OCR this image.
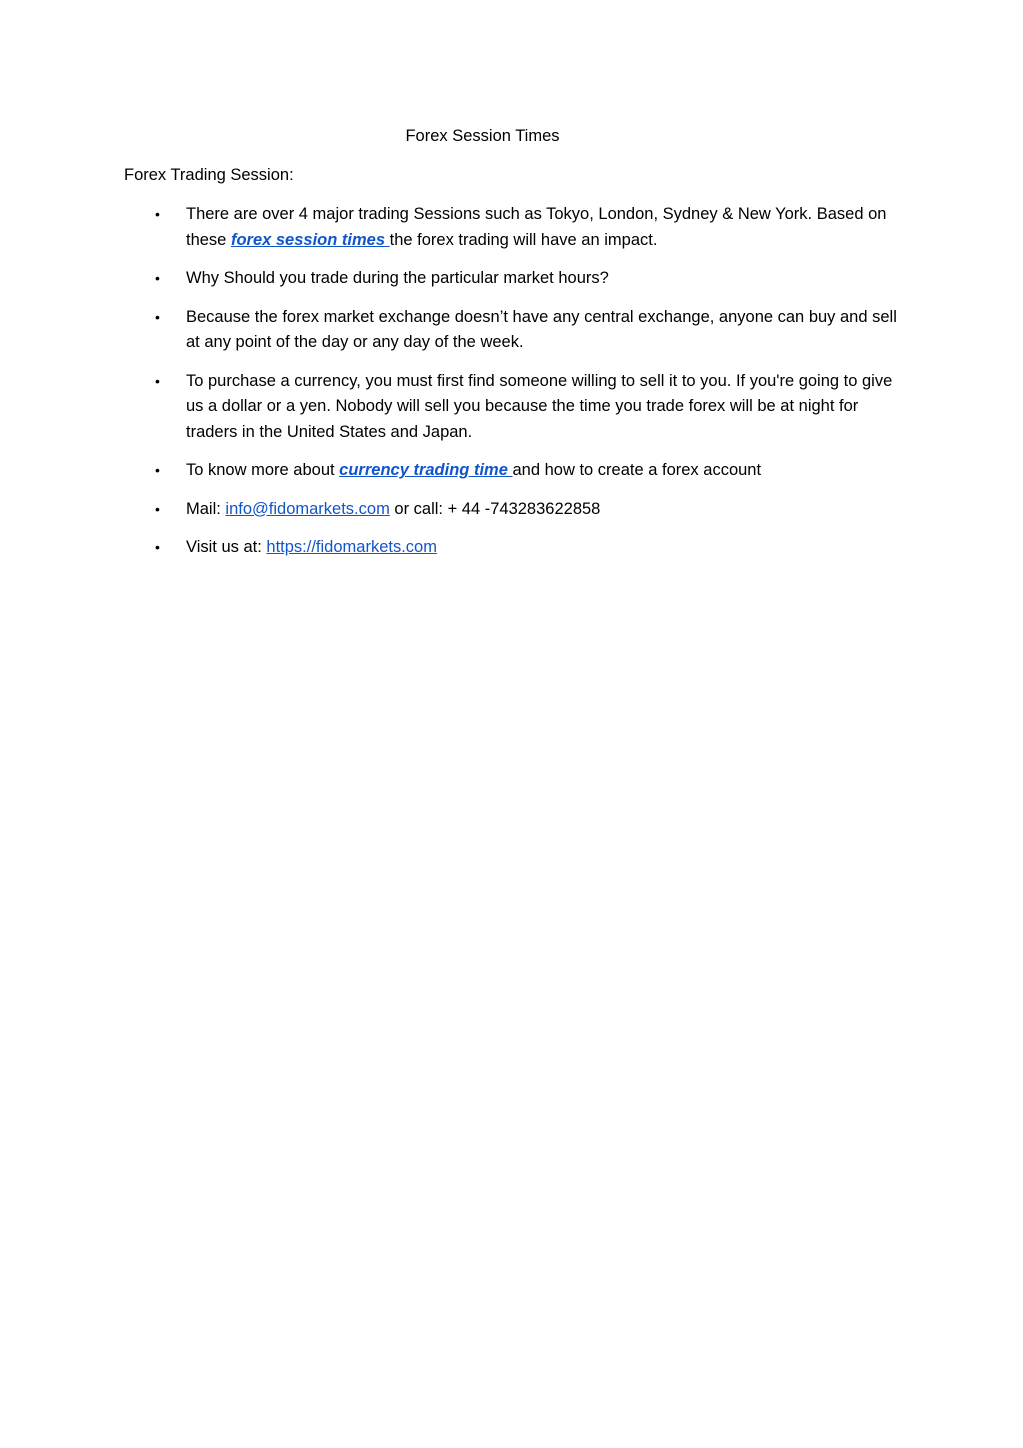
Forex Session Times
Forex Trading Session:
• There are over 4 major trading Sessions such as Tokyo, London, Sydney & New York. Based on these forex session times the forex trading will have an impact.
• Why Should you trade during the particular market hours?
• Because the forex market exchange doesn’t have any central exchange, anyone can buy and sell at any point of the day or any day of the week.
• To purchase a currency, you must first find someone willing to sell it to you. If you're going to give us a dollar or a yen. Nobody will sell you because the time you trade forex will be at night for traders in the United States and Japan.
• To know more about currency trading time and how to create a forex account
• Mail: info@fidomarkets.com or call: + 44 -743283622858
• Visit us at: https://fidomarkets.com
